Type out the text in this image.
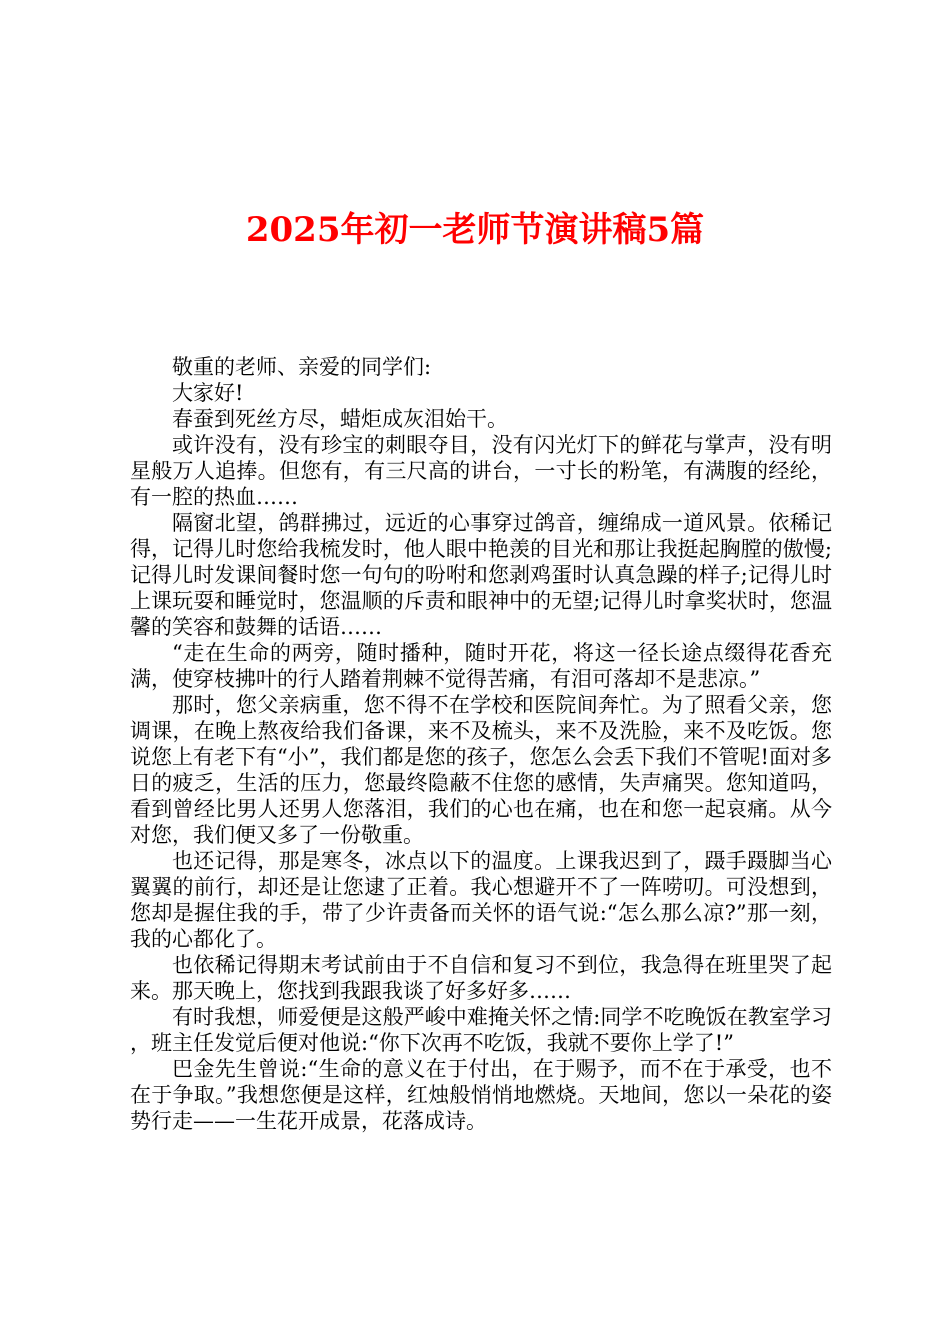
2025年初一老师节演讲稿5篇

敬重的老师、亲爱的同学们:

大家好!

春蚕到死丝方尽，蜡炬成灰泪始干。

或许没有，没有珍宝的刺眼夺目，没有闪光灯下的鲜花与掌声，没有明星般万人追捧。但您有，有三尺高的讲台，一寸长的粉笔，有满腹的经纶，有一腔的热血……

隔窗北望，鸽群拂过，远近的心事穿过鸽音，缠绵成一道风景。依稀记得，记得儿时您给我梳发时，他人眼中艳羡的目光和那让我挺起胸膛的傲慢;记得儿时发课间餐时您一句句的吩咐和您剥鸡蛋时认真急躁的样子;记得儿时上课玩耍和睡觉时，您温顺的斥责和眼神中的无望;记得儿时拿奖状时，您温馨的笑容和鼓舞的话语……

“走在生命的两旁，随时播种，随时开花，将这一径长途点缀得花香充满，使穿枝拂叶的行人踏着荆棘不觉得苦痛，有泪可落却不是悲凉。”

那时，您父亲病重，您不得不在学校和医院间奔忙。为了照看父亲，您调课，在晚上熬夜给我们备课，来不及梳头，来不及洗脸，来不及吃饭。您说您上有老下有“小”，我们都是您的孩子，您怎么会丢下我们不管呢!面对多日的疲乏，生活的压力，您最终隐蔽不住您的感情，失声痛哭。您知道吗，看到曾经比男人还男人您落泪，我们的心也在痛，也在和您一起哀痛。从今对您，我们便又多了一份敬重。

也还记得，那是寒冬，冰点以下的温度。上课我迟到了，蹑手蹑脚当心翼翼的前行，却还是让您逮了正着。我心想避开不了一阵唠叨。可没想到，您却是握住我的手，带了少许责备而关怀的语气说:“怎么那么凉?”那一刻，我的心都化了。

也依稀记得期末考试前由于不自信和复习不到位，我急得在班里哭了起来。那天晚上，您找到我跟我谈了好多好多……

有时我想，师爱便是这般严峻中难掩关怀之情:同学不吃晚饭在教室学习，班主任发觉后便对他说:“你下次再不吃饭，我就不要你上学了!”

巴金先生曾说:“生命的意义在于付出，在于赐予，而不在于承受，也不在于争取。”我想您便是这样，红烛般悄悄地燃烧。天地间，您以一朵花的姿势行走——一生花开成景，花落成诗。
